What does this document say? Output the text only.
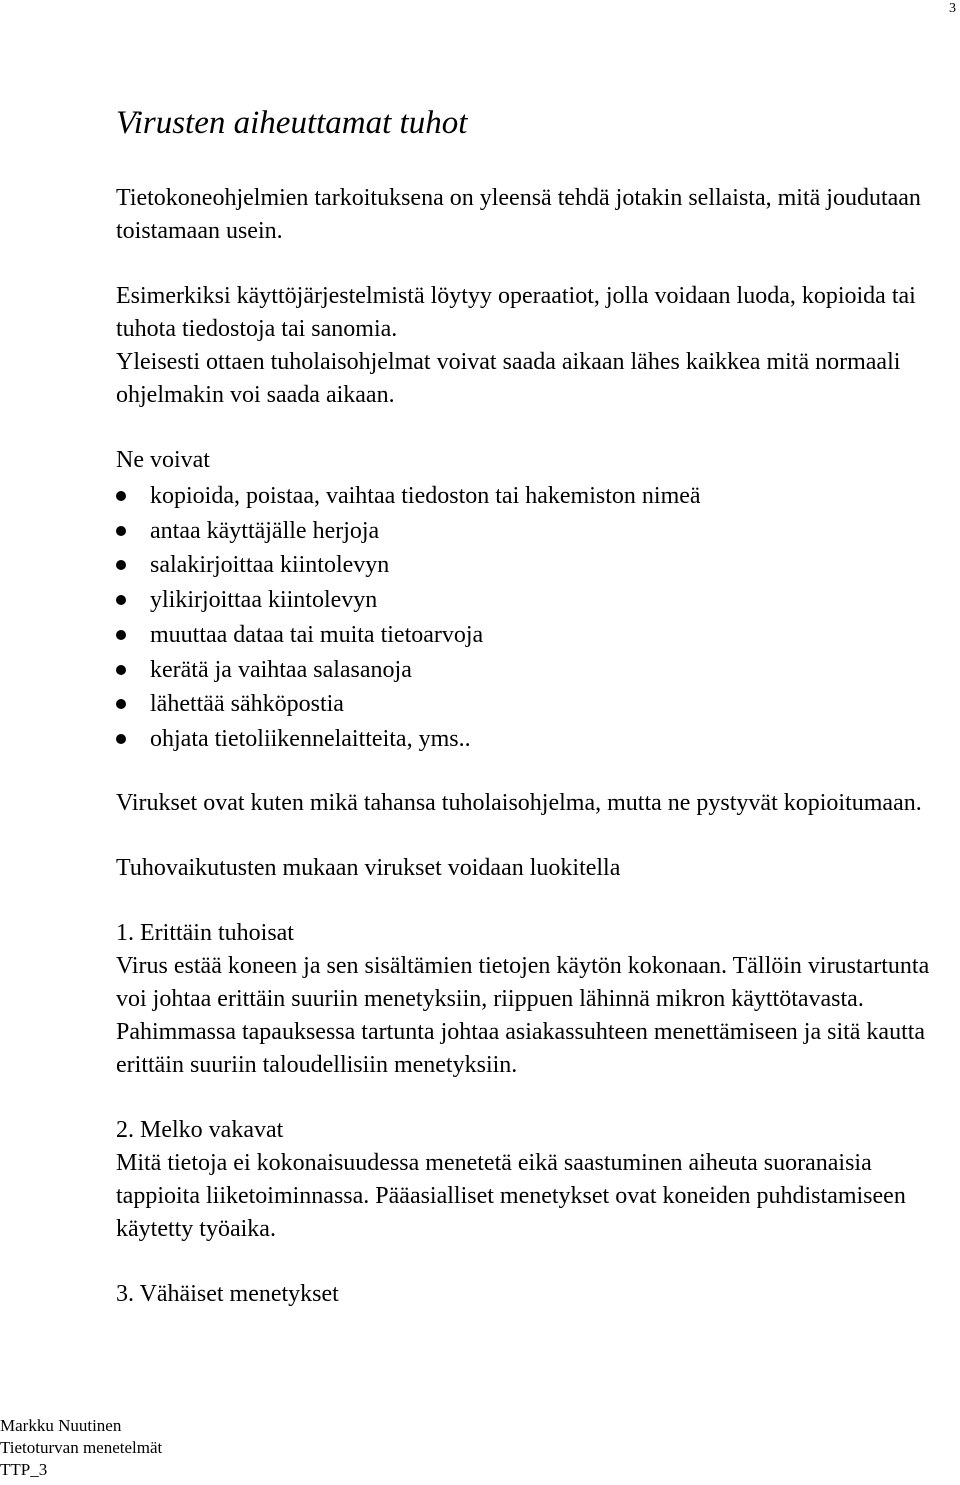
3
Virusten aiheuttamat tuhot

Tietokoneohjelmien tarkoituksena on yleensä tehdä jotakin sellaista, mitä joudutaan toistamaan usein.

Esimerkiksi käyttöjärjestelmistä löytyy operaatiot, jolla voidaan luoda, kopioida tai tuhota tiedostoja tai sanomia.

Yleisesti ottaen tuholaisohjelmat voivat saada aikaan lähes kaikkea mitä normaali ohjelmakin voi saada aikaan.

Ne voivat

kopioida, poistaa, vaihtaa tiedoston tai hakemiston nimeä
antaa käyttäjälle herjoja
salakirjoittaa kiintolevyn
ylikirjoittaa kiintolevyn
muuttaa dataa tai muita tietoarvoja
kerätä ja vaihtaa salasanoja
lähettää sähköpostia
ohjata tietoliikennelaitteita, yms..

Virukset ovat kuten mikä tahansa tuholaisohjelma, mutta ne pystyvät kopioitumaan.

Tuhovaikutusten mukaan virukset voidaan luokitella

1. Erittäin tuhoisat

Virus estää koneen ja sen sisältämien tietojen käytön kokonaan. Tällöin virustartunta voi johtaa erittäin suuriin menetyksiin, riippuen lähinnä mikron käyttötavasta. Pahimmassa tapauksessa tartunta johtaa asiakassuhteen menettämiseen ja sitä kautta erittäin suuriin taloudellisiin menetyksiin.

2. Melko vakavat

Mitä tietoja ei kokonaisuudessa menetetä eikä saastuminen aiheuta suoranaisia tappioita liiketoiminnassa. Pääasialliset menetykset ovat koneiden puhdistamiseen käytetty työaika.

3. Vähäiset menetykset

Markku Nuutinen
Tietoturvan menetelmät
TTP_3
